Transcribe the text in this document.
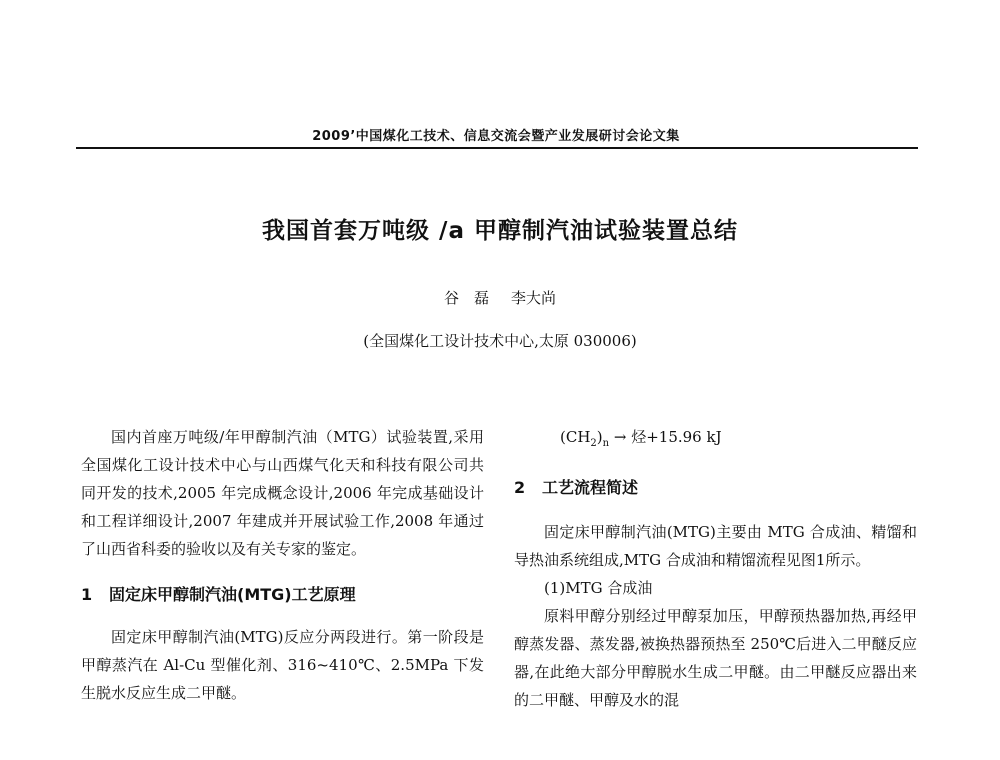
2009’中国煤化工技术、信息交流会暨产业发展研讨会论文集
我国首套万吨级 /a 甲醇制汽油试验装置总结
谷　磊 李大尚
(全国煤化工设计技术中心,太原 030006)

国内首座万吨级/年甲醇制汽油（MTG）试验装置,采用全国煤化工设计技术中心与山西煤气化天和科技有限公司共同开发的技术,2005 年完成概念设计,2006 年完成基础设计和工程详细设计,2007 年建成并开展试验工作,2008 年通过了山西省科委的验收以及有关专家的鉴定。

1 固定床甲醇制汽油(MTG)工艺原理

固定床甲醇制汽油(MTG)反应分两段进行。第一阶段是甲醇蒸汽在 Al-Cu 型催化剂、316~410℃、2.5MPa 下发生脱水反应生成二甲醚。

$(CH_2)_n$ → 烃+15.96 kJ

2 工艺流程简述

固定床甲醇制汽油(MTG)主要由 MTG 合成油、精馏和导热油系统组成,MTG 合成油和精馏流程见图1所示。

(1)MTG 合成油

原料甲醇分别经过甲醇泵加压，甲醇预热器加热,再经甲醇蒸发器、蒸发器,被换热器预热至 250℃后进入二甲醚反应器,在此绝大部分甲醇脱水生成二甲醚。由二甲醚反应器出来的二甲醚、甲醇及水的混
